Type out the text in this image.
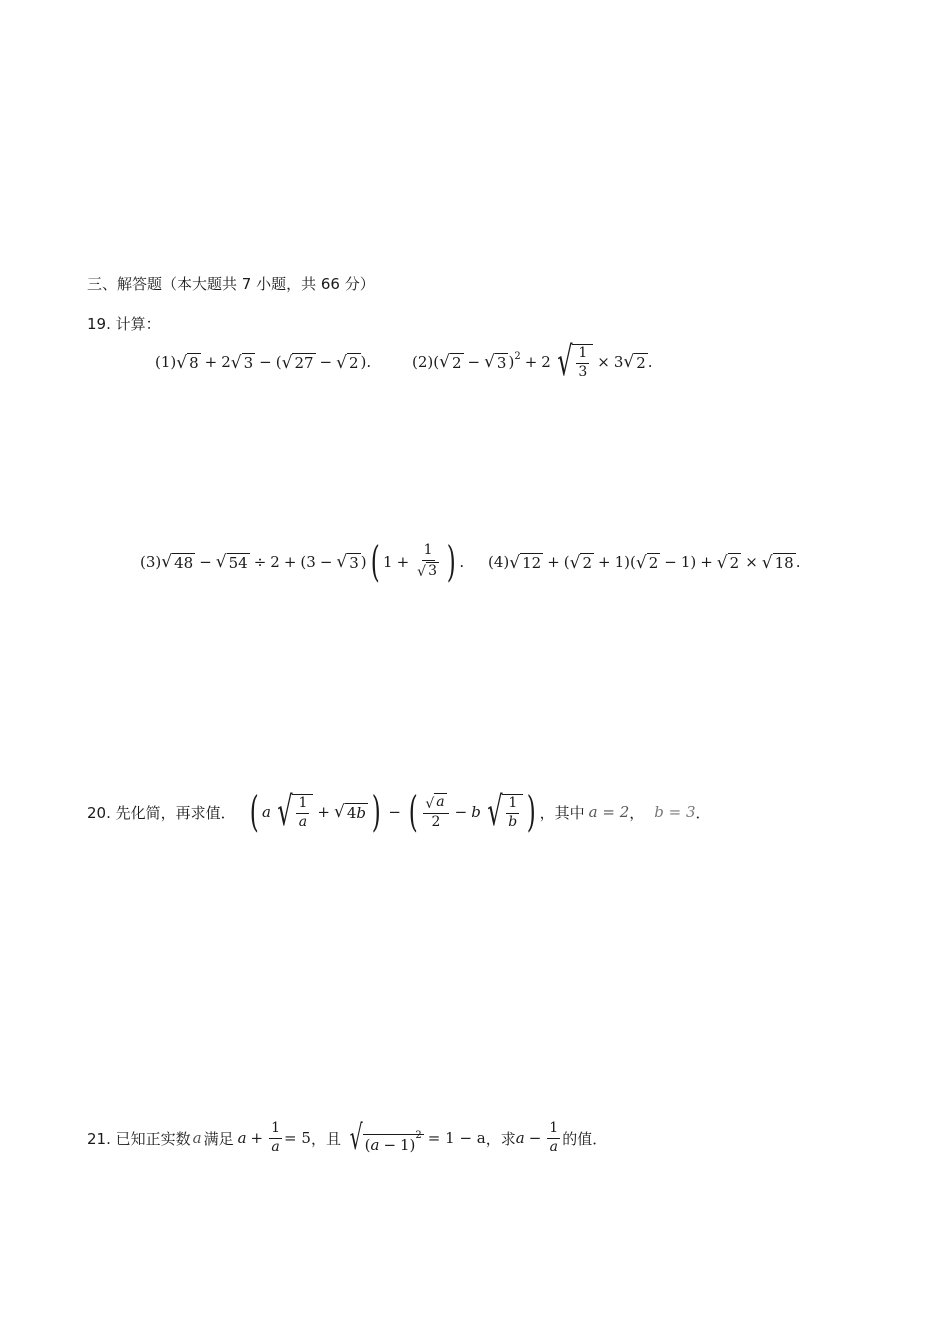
三、解答题（本大题共 7 小题，共 66 分）
19. 计算：
(1) √ 8 + 2 √ 3 − ( √ 27 − √ 2 ).	(2) ( √ 2 − √ 3 )$^2$ + 2 √ $\frac{1}{3} \times 3$ √ 2 .
(3) √ 48 − √ 54 ÷ 2 + (3 − √ 3 ) ( $1 + \frac{1}{√ 3}$ ) . (4) √ 12 + ( √ 2 + 1)( √ 2 − 1) + √ 2 × √ 18 .
20. 先化简，再求值． ( a √ $\frac{1}{a}$ + √ 4b ) − ( $\frac{√ a}{2} - b$ √ $\frac{1}{b}$ ) ，其中 a = 2 ， b = 3 ．
21. 已知正实数 a 满足 $a + \frac{1}{a} = 5$ ，且 √ $(a - 1)^2 = 1 - a$ ，求 $a - \frac{1}{a}$ 的值．
